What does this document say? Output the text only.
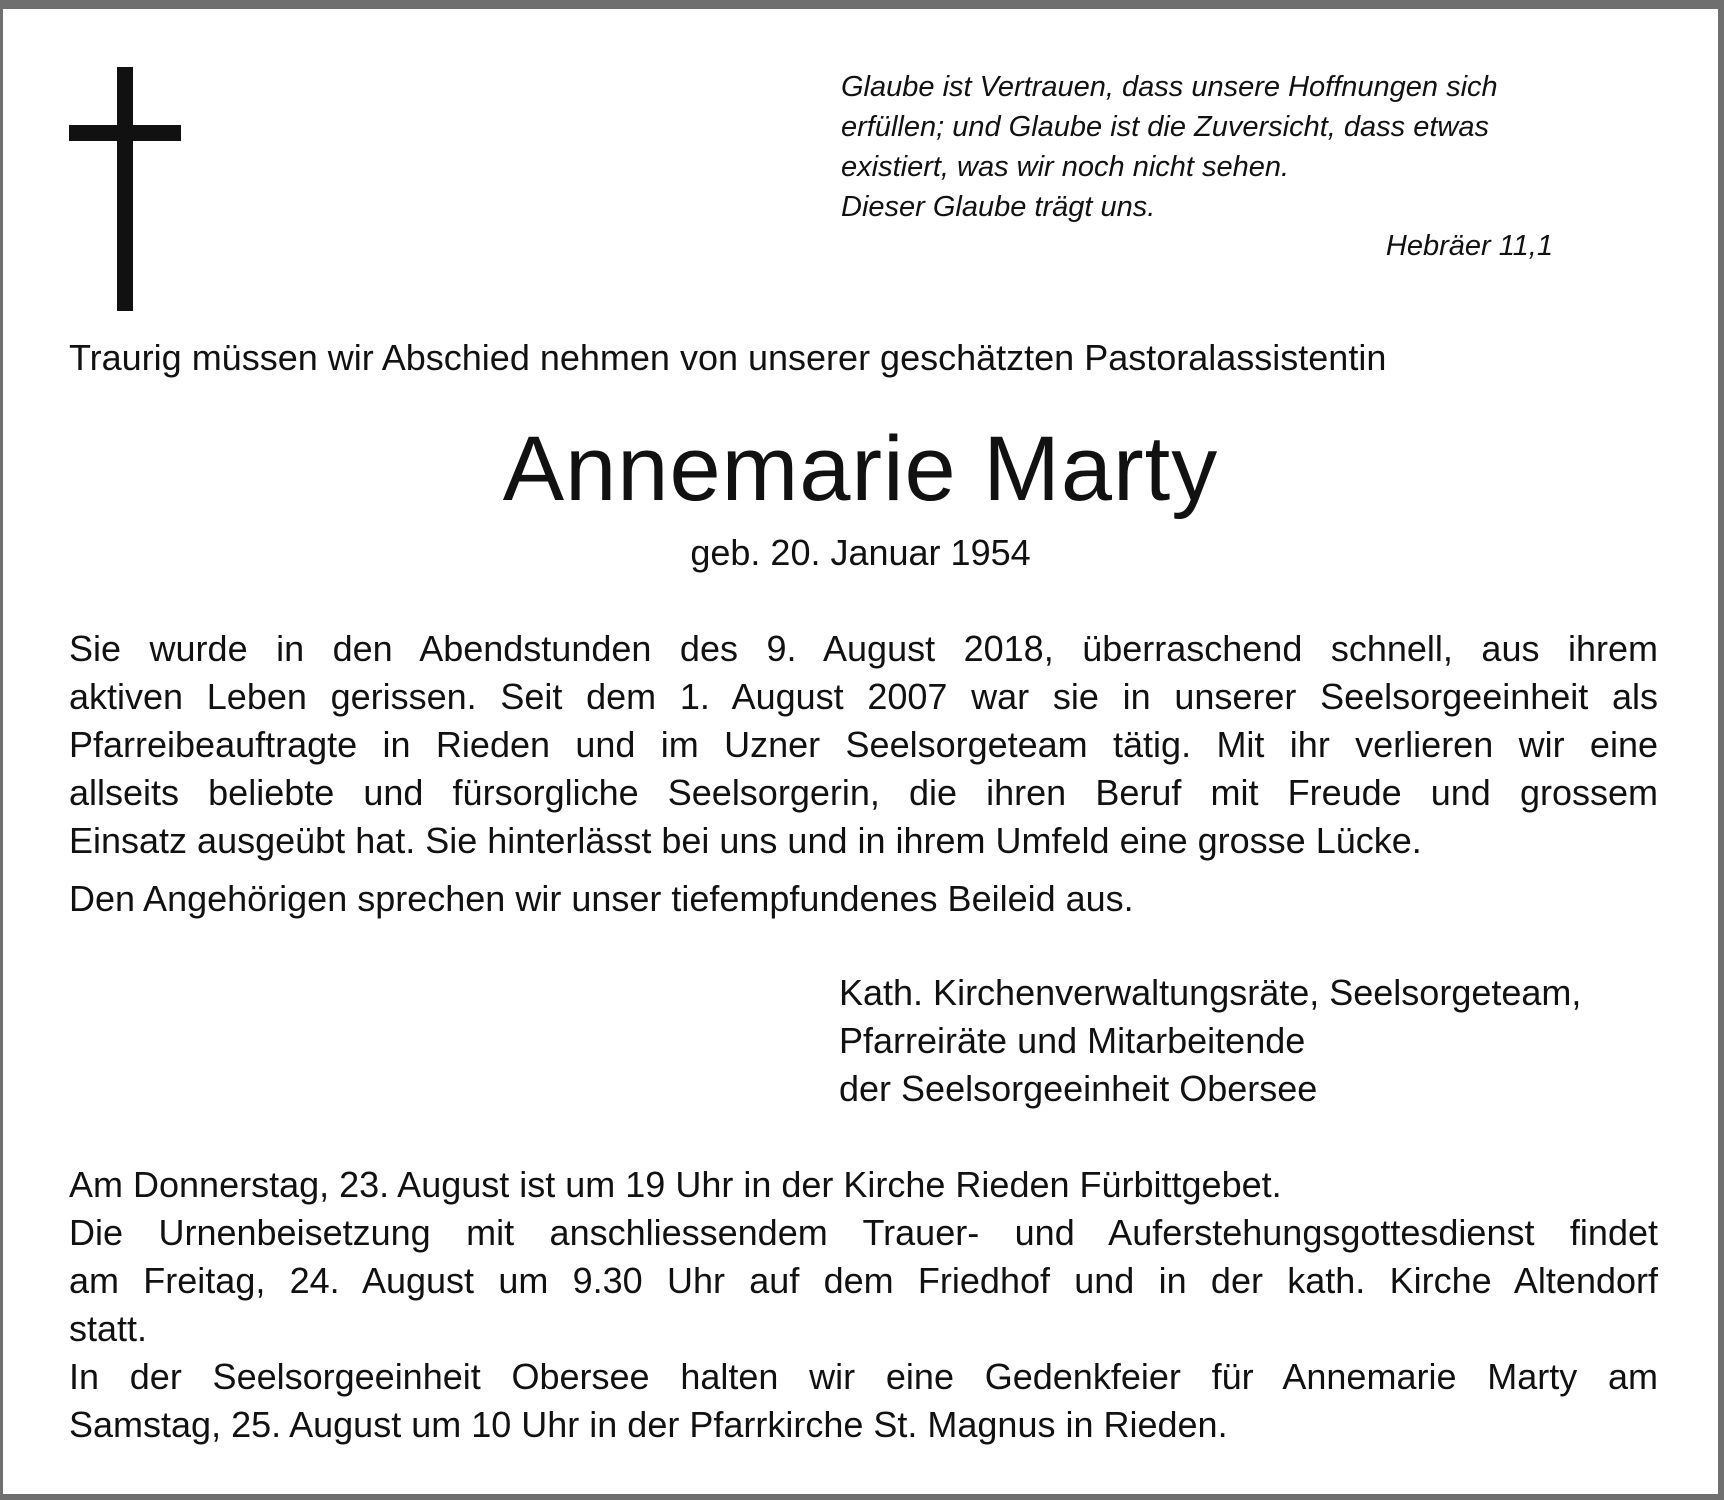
Glaube ist Vertrauen, dass unsere Hoffnungen sich
erfüllen; und Glaube ist die Zuversicht, dass etwas
existiert, was wir noch nicht sehen.
Dieser Glaube trägt uns.
Hebräer 11,1
Traurig müssen wir Abschied nehmen von unserer geschätzten Pastoralassistentin
Annemarie Marty
geb. 20. Januar 1954
Sie wurde in den Abendstunden des 9. August 2018, überraschend schnell, aus ihrem
aktiven Leben gerissen. Seit dem 1. August 2007 war sie in unserer Seelsorgeeinheit als
Pfarreibeauftragte in Rieden und im Uzner Seelsorgeteam tätig. Mit ihr verlieren wir eine
allseits beliebte und fürsorgliche Seelsorgerin, die ihren Beruf mit Freude und grossem
Einsatz ausgeübt hat. Sie hinterlässt bei uns und in ihrem Umfeld eine grosse Lücke.
Den Angehörigen sprechen wir unser tiefempfundenes Beileid aus.
Kath. Kirchenverwaltungsräte, Seelsorgeteam,
Pfarreiräte und Mitarbeitende
der Seelsorgeeinheit Obersee
Am Donnerstag, 23. August ist um 19 Uhr in der Kirche Rieden Fürbittgebet.
Die Urnenbeisetzung mit anschliessendem Trauer- und Auferstehungsgottesdienst findet
am Freitag, 24. August um 9.30 Uhr auf dem Friedhof und in der kath. Kirche Altendorf
statt.
In der Seelsorgeeinheit Obersee halten wir eine Gedenkfeier für Annemarie Marty am
Samstag, 25. August um 10 Uhr in der Pfarrkirche St. Magnus in Rieden.
